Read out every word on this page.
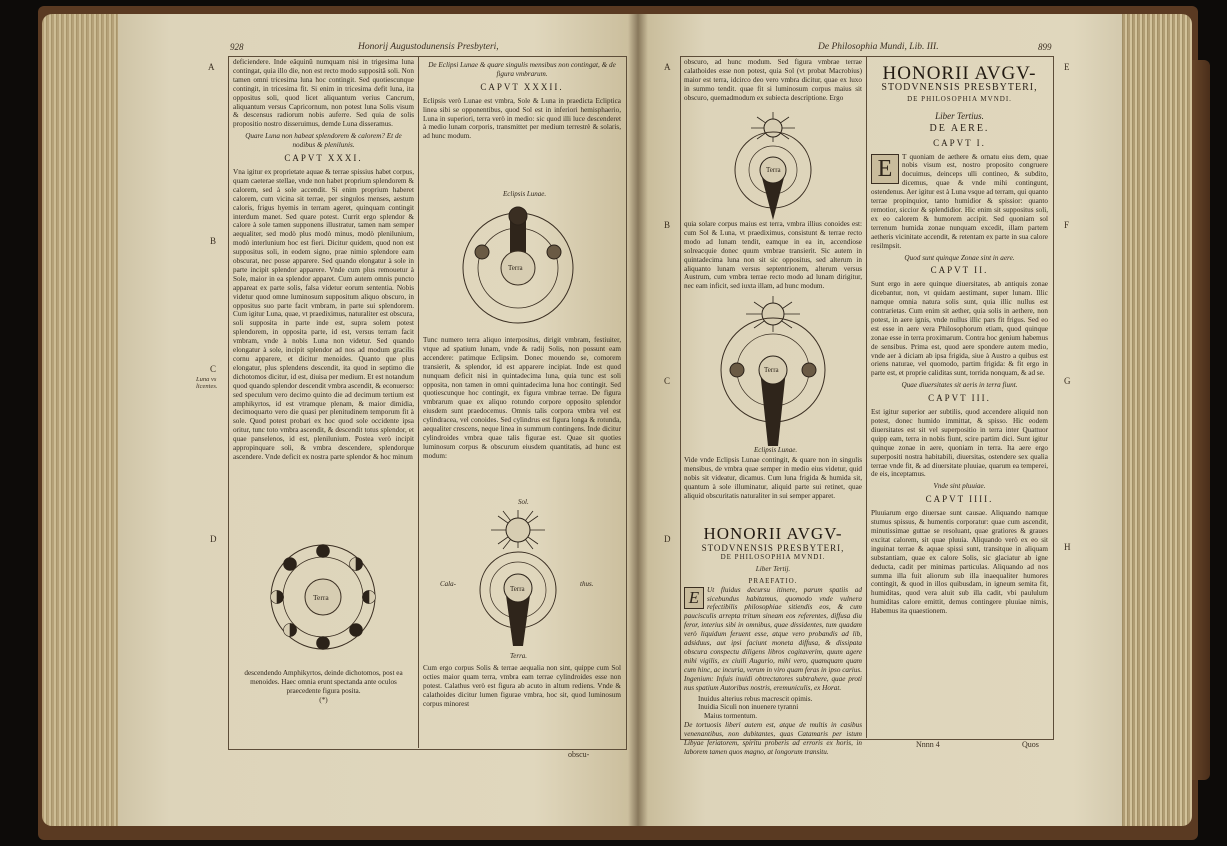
928	Honorij Augustodunensis Presbyteri,
A
B
C
Luna vs licentes.
D

deficiendere. Inde eâquinū numquam nisi in trigesima luna contingat, quia illo die, non est recto modo suppositâ soli. Non tamen omni tricesima luna hoc contingit. Sed quotiescunque contingit, in tricesima fit. Si enim in tricesima defit luna, ita oppositus soli, quod licet aliquantum verius Cancrum, aliquantum versus Capricornum, non potest luna Solis visum & descensus radiorum nobis auferre. Sed quia de solis propositio nostro disseruimus, demde Luna disseramus.

Quare Luna non habeat splendorem & calorem? Et de nodibus & plenilunis.
CAPVT XXXI.

Vna igitur ex proprietate aquae & terrae spissius habet corpus, quam caeterae stellae, vnde non habet proprium splendorem & calorem, sed à sole accendit. Si enim proprium haberet calorem, cum vicina sit terrae, per singulos menses, aestum caloris, frigus hyemis in terram ageret, quinquam contingit interdum manet. Sed quare potest. Currit ergo splendor & calore à sole tamen supponens illustratur, tamen nam semper aequaliter, sed modò plus modò minus, modò plenilunium, modò interlunium hoc est fieri. Dicitur quidem, quod non est suppositus soli, in eodem signo, prae nimio splendore eam obscurat, nec posse apparere. Sed quando elongatur à sole in parte incipit splendor apparere. Vnde cum plus remouetur à Sole, maior in ea splendor apparet. Cum autem omnis puncto appareat ex parte solis, falsa videtur eorum sententia. Nobis videtur quod omne luminosum suppositum aliquo obscuro, in oppositus suo parte facit vmbram, in parte sui splendorem. Cum igitur Luna, quae, vt praediximus, naturaliter est obscura, soli supposita in parte inde est, supra solem potest splendorem, in opposita parte, id est, versus terram facit vmbram, vnde à nobis Luna non videtur. Sed quando elongatur à sole, incipit splendor ad nos ad modum gracilis cornu apparere, et dicitur menoides. Quanto que plus elongatur, plus splendens descendit, ita quod in septimo die dichotomos dicitur, id est, diuisa per medium. Et est notandum quod quando splendor descendit vmbra ascendit, & econuerso: sed speculum vero decimo quinto die ad decimum tertium est amphikyrtos, id est vtramque plenam, & maior dimidia, decimoquarto vero die quasi per plenitudinem temporum fit à sole. Quod potest probari ex hoc quod sole occidente ipsa oritur, tunc toto vmbra ascendit, & descendit totus splendor, et quae panselenos, id est, plenilunium. Postea verò incipit appropinquare soli, & vmbra descendere, splendorque ascendere. Vnde deficit ex nostra parte splendor & hoc minum

Terra
descendendo Amphikyrtos, deinde dichotomos, post ea menoides. Haec omnia erunt spectanda ante oculos praecedente figura posita.
(*)
De Eclipsi Lunae & quare singulis mensibus non contingat, & de figura vmbrarum.
CAPVT XXXII.

Eclipsis verò Lunae est vmbra, Sole & Luna in praedicta Ecliptica linea sibi se opponentibus, quod Sol est in inferiori hemisphaerio, Luna in superiori, terra verò in medio: sic quod illi luce descenderet à medio lunam corporis, transmittet per medium terrestrè & solaris, ad hunc modum.

Eclipsis Lunae.
Terra

Tunc numero terra aliquo interpositus, dirigit vmbram, festiuiter, vtque ad spatium lunam, vnde & radij Solis, non possunt eam accendere: patimque Eclipsim. Donec mouendo se, comorem transierit, & splendor, id est apparere incipiat. Inde est quod nunquam deficit nisi in quintadecima luna, quia tunc est soli opposita, non tamen in omni quintadecima luna hoc contingit. Sed quotiescunque hoc contingit, ex figura vmbrae terrae. De figura vmbrarum quae ex aliquo rotundo corpore opposito splendor eiusdem sunt praedocemus. Omnis talis corpora vmbra vel est cylindracea, vel conoides. Sed cylindrus est figura longa & rotunda, aequaliter crescens, neque linea in summum contingens. Inde dicitur cylindroides vmbra quae talis figurae est. Quae sit quoties luminosum corpus & obscurum eiusdem quantitatis, ad hunc est modum:

Sol.
Terra
Cala-	thus.
Terra.

Cum ergo corpus Solis & terrae aequalia non sint, quippe cum Sol octies maior quam terra, vmbra eam terrae cylindroides esse non potest. Calathus verò est figura ab acuto in altum rediens. Vnde & calathoides dicitur lumen figurae vmbra, hoc sit, quod luminosum corpus minorest

obscu-
De Philosophia Mundi, Lib. III.	899
A
B
C
D
E
F
G
H

obscuro, ad hunc modum. Sed figura vmbrae terrae calathoides esse non potest, quia Sol (vt probat Macrobius) maior est terra, idcirco deo vero vmbra dicitur, quae ex luxo in summo tendit. quae fit si luminosum corpus maius sit obscuro, quemadmodum ex subiecta descriptione. Ergo

Terra

quia solare corpus maius est terra, vmbra illius conoides est: cum Sol & Luna, vt praediximus, consistunt & terrae recto modo ad lunam tendit, eamque in ea in, accendiose solreacquie donec quum vmbrae transierit. Sic autem in quintadecima luna non sit sic oppositus, sed alterum in aliquanto lunam versus septentrionem, alterum versus Austrum, cum vmbra terrae recto modo ad lunam dirigitur, nec eam inficit, sed iuxta illam, ad hunc modum.

Terra
Eclipsis Lunae.

Vide vnde Eclipsis Lunae contingit, & quare non in singulis mensibus, de vmbra quae semper in medio eius videtur, quid nobis sit videatur, dicamus. Cum luna frigida & humida sit, quantum à sole illuminatur, aliquid parte sui retinet, quae aliquid obscuritatis naturaliter in sui semper apparet.

HONORII AVGV-
STODVNENSIS PRESBYTERI,
DE PHILOSOPHIA MVNDI.
Liber Tertij.
PRAEFATIO.

E	Ut fluidus decursu itinere, parum spatiis ad sicebundus habitamus, quomodo vnde vulnera refectibilis philosophiae sitiendis eos, & cum paucisculis arrepta tritum sineam eos referentes, diffusa diu feror, interius sibi in omnibus, quae dissidentes, tum quadam verò liquidum feruent esse, atque vero probandis ad lib, adsiduus, aut ipsi faciunt moneta diffusa, & dissipata obscura conspectu diligens libros cogitaverim, quum agere mihi vigilis, ex ciuili Augurio, mihi vero, quamquam quam cum hinc, ac incuria, verum in viro quam feras in ipso carius. Ingenium: Infuis inuidi obtrectatores subtrahere, quae proti nus spatium Autoribus nostris, eremuniculis, ex Horat.

Inuidus alterius rebus macrescit opimis.
Inuidia Siculi non inuenere tyranni
Maius tormentum.

De tortuosis liberi autem est, atque de multis in casibus venenantibus, non dubitantes, quas Catamaris per istum Libyae feriatorem, spiritu proberis ad erroris ex horis, in laborem tamen quos magno, at longorum transitu.

HONORII AVGV-
STODVNENSIS PRESBYTERI,
DE PHILOSOPHIA MVNDI.
Liber Tertius.
DE AERE.
CAPVT I.

E	T quoniam de aethere & ornatu eius dem, quae nobis visum est, nostro proposito congruere docuimus, deinceps ulli contineo, & subdito, dicemus, quae & vnde mihi contingunt, ostendenus. Aer igitur est à Luna vsque ad terram, qui quanto terrae propinquior, tanto humidior & spissior: quanto remotior, siccior & splendidior. Hic enim sit suppositus soli, ex eo calorem & humorem accipit. Sed quoniam sol terrenum humida zonae nunquam excedit, illam partem aetheris vicinitate accendit, & retentam ex parte in sua calore resilmpsit.

Quod sunt quinque Zonae sint in aere.
CAPVT II.

Sunt ergo in aere quinque diuersitates, ab antiquis zonae dicebantur, non, vt quidam aestimant, super lunam. Illic namque omnia natura solis sunt, quia illic nullus est contrarietas. Cum enim sit aether, quia solis in aethere, non potest, in aere ignis, vnde nullus illic pars fit frigus. Sed eo est esse in aere vera Philosophorum etiam, quod quinque zonae esse in terra proximarum. Contra hoc genium habemus de sensibus. Prima est, quod aere spondere autem medio, vnde aer à diciam ab ipsa frigida, siue à Austro a quibus est oriens naturae, vel quomodo, partim frigida: & fit ergo in parte est, et proprie caliditas sunt, torrida nonquam, & ad se.

Quae diuersitates sit aeris in terra fiunt.
CAPVT III.

Est igitur superior aer subtilis, quod accendere aliquid non potest, donec humido immittat, & spisso. Hic eodem diuersitates est sit vel superpositio in terra inter Quattuor quipp eam, terra in nobis fiunt, scire partim dici. Sunt igitur quinque zonae in aere, quoniam in terra. Ita aere ergo superpositi nostra habitabili, diuersitas, ostendere sex qualia terrae vnde fit, & ad diuersitate pluuiae, quarum ea temperei, de eis, inceptamus.

Vnde sint pluuiae.
CAPVT IIII.

Pluuiarum ergo diuersae sunt causae. Aliquando namque stumus spissus, & humentis corporatur: quae cum ascendit, minutissimae guttae se resoluant, quae gratiores & graues excitat calorem, sit quae pluuia. Aliquando verò ex eo sit inguinat terrae & aquae spissi sunt, transitque in aliquam substantiam, quae ex calore Solis, sic glaciatur ab igne deducta, cadit per minimas particulas. Aliquando ad nos summa illa fuit aliorum sub illa inaequaliter humores contingit, & quod in illos quibusdam, in igneum semita fit, humiditas, quod vera aluit sub illa cadit, vbi paululum humiditas calore emittit, demus contingere pluuiae nimis, Habemus ita quaestionem.

Nnnn 4	Quos
